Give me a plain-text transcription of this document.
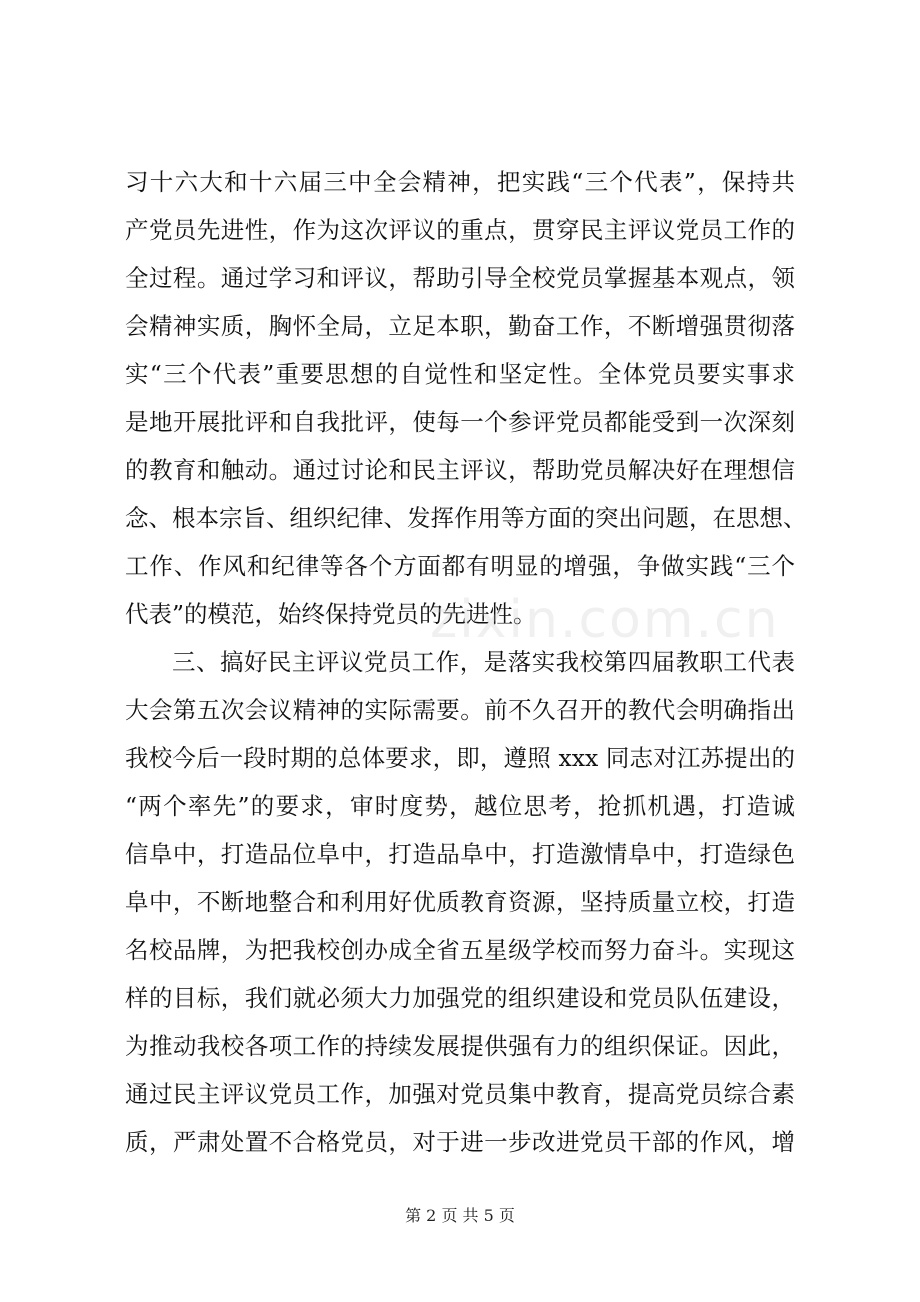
习十六大和十六届三中全会精神，把实践“三个代表”，保持共
产党员先进性，作为这次评议的重点，贯穿民主评议党员工作的
全过程。通过学习和评议，帮助引导全校党员掌握基本观点，领
会精神实质，胸怀全局，立足本职，勤奋工作，不断增强贯彻落
实“三个代表”重要思想的自觉性和坚定性。全体党员要实事求
是地开展批评和自我批评，使每一个参评党员都能受到一次深刻
的教育和触动。通过讨论和民主评议，帮助党员解决好在理想信
念、根本宗旨、组织纪律、发挥作用等方面的突出问题，在思想、
工作、作风和纪律等各个方面都有明显的增强，争做实践“三个
代表”的模范，始终保持党员的先进性。
三、搞好民主评议党员工作，是落实我校第四届教职工代表
大会第五次会议精神的实际需要。前不久召开的教代会明确指出
我校今后一段时期的总体要求，即，遵照 xxx 同志对江苏提出的
“两个率先”的要求，审时度势，越位思考，抢抓机遇，打造诚
信阜中，打造品位阜中，打造品阜中，打造激情阜中，打造绿色
阜中，不断地整合和利用好优质教育资源，坚持质量立校，打造
名校品牌，为把我校创办成全省五星级学校而努力奋斗。实现这
样的目标，我们就必须大力加强党的组织建设和党员队伍建设，
为推动我校各项工作的持续发展提供强有力的组织保证。因此，
通过民主评议党员工作，加强对党员集中教育，提高党员综合素
质，严肃处置不合格党员，对于进一步改进党员干部的作风，增
zixin.com.cn
第 2 页 共 5 页
